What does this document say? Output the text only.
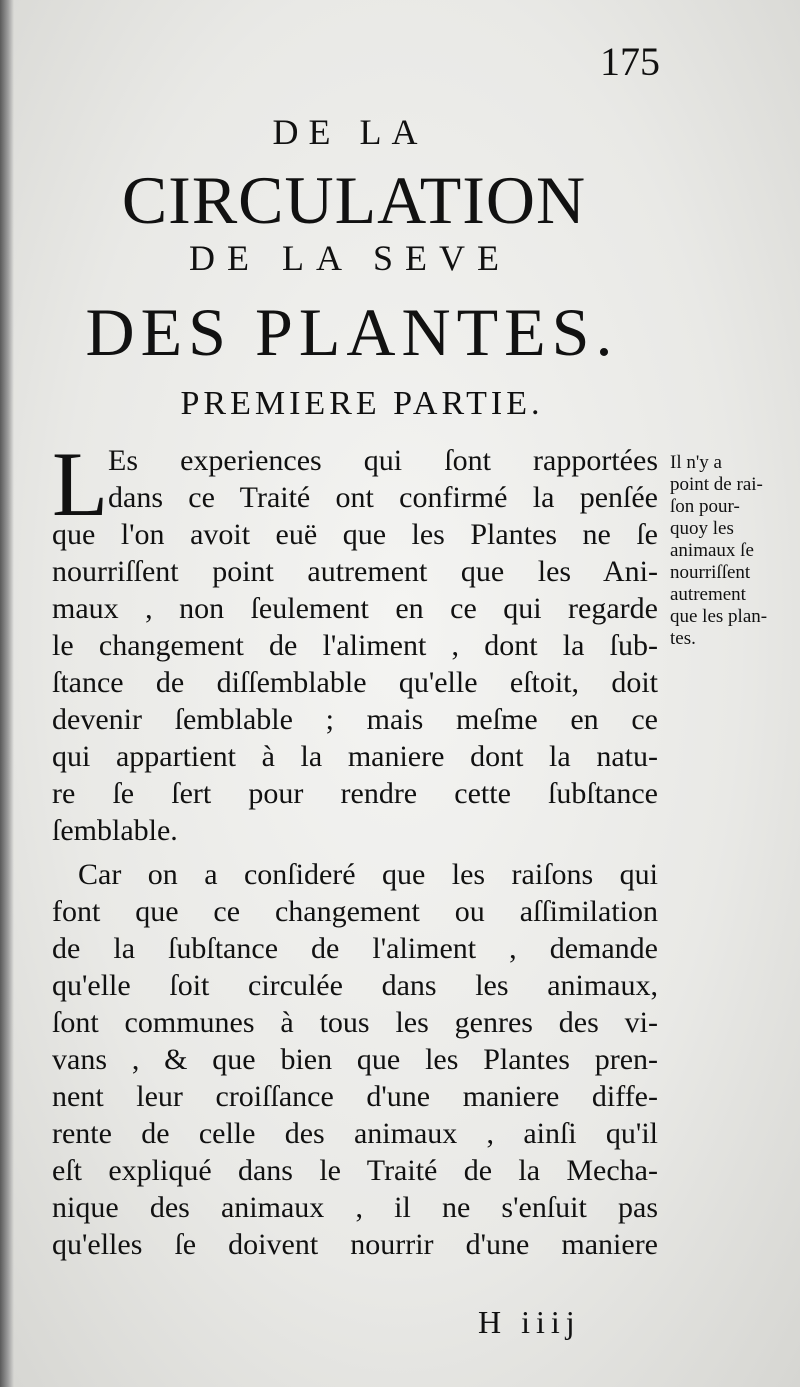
175
DE LA
CIRCULATION
DE LA SEVE
DES PLANTES.
PREMIERE PARTIE.
L Es experiences qui ſont rapportées
dans ce Traité ont confirmé la penſée
que l'on avoit euë que les Plantes ne ſe
nourriſſent point autrement que les Ani-
maux , non ſeulement en ce qui regarde
le changement de l'aliment , dont la ſub-
ſtance de diſſemblable qu'elle eſtoit, doit
devenir ſemblable ; mais meſme en ce
qui appartient à la maniere dont la natu-
re ſe ſert pour rendre cette ſubſtance
ſemblable.
Car on a conſideré que les raiſons qui
font que ce changement ou aſſimilation
de la ſubſtance de l'aliment , demande
qu'elle ſoit circulée dans les animaux,
ſont communes à tous les genres des vi-
vans , & que bien que les Plantes pren-
nent leur croiſſance d'une maniere diffe-
rente de celle des animaux , ainſi qu'il
eſt expliqué dans le Traité de la Mecha-
nique des animaux , il ne s'enſuit pas
qu'elles ſe doivent nourrir d'une maniere
Il n'y a
point de rai-
ſon pour-
quoy les
animaux ſe
nourriſſent
autrement
que les plan-
tes.
H iiij
